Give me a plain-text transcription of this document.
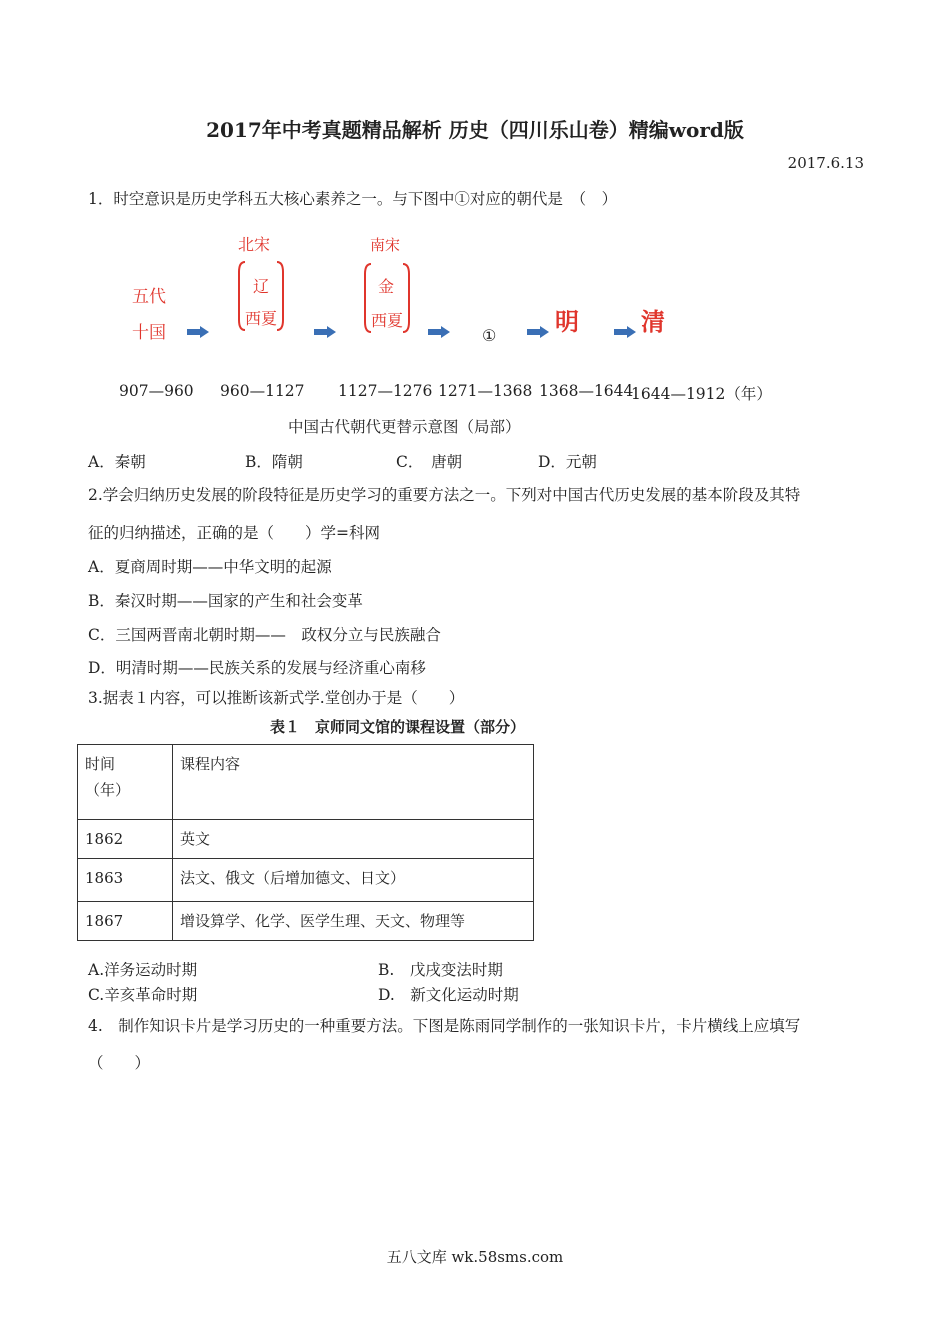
2017年中考真题精品解析 历史（四川乐山卷）精编word版
2017.6.13
1．时空意识是历史学科五大核心素养之一。与下图中①对应的朝代是　（　）
五代
十国
北宋
辽
西夏
南宋
金
西夏
① 明	清
907—960 960—1127 1127—1276 1271—1368 1368—1644
1644—1912（年）
中国古代朝代更替示意图（局部）
A．秦朝	B．隋朝	C．　唐朝	D．元朝
2.学会归纳历史发展的阶段特征是历史学习的重要方法之一。下列对中国古代历史发展的基本阶段及其特
征的归纳描述，正确的是（　　）学=科网
A．夏商周时期——中华文明的起源
B．秦汉时期——国家的产生和社会变革
C．三国两晋南北朝时期——　政权分立与民族融合
D．明清时期——民族关系的发展与经济重心南移
3.据表１内容，可以推断该新式学.堂创办于是（　　）
表１　京师同文馆的课程设置（部分）
时间
（年）	课程内容
1862	英文
1863	法文、俄文（后增加德文、日文）
1867	增设算学、化学、医学生理、天文、物理等
A.洋务运动时期	B.　戊戌变法时期
C.辛亥革命时期	D.　新文化运动时期
4.　制作知识卡片是学习历史的一种重要方法。下图是陈雨同学制作的一张知识卡片，卡片横线上应填写
（　　）
五八文库 wk.58sms.com
